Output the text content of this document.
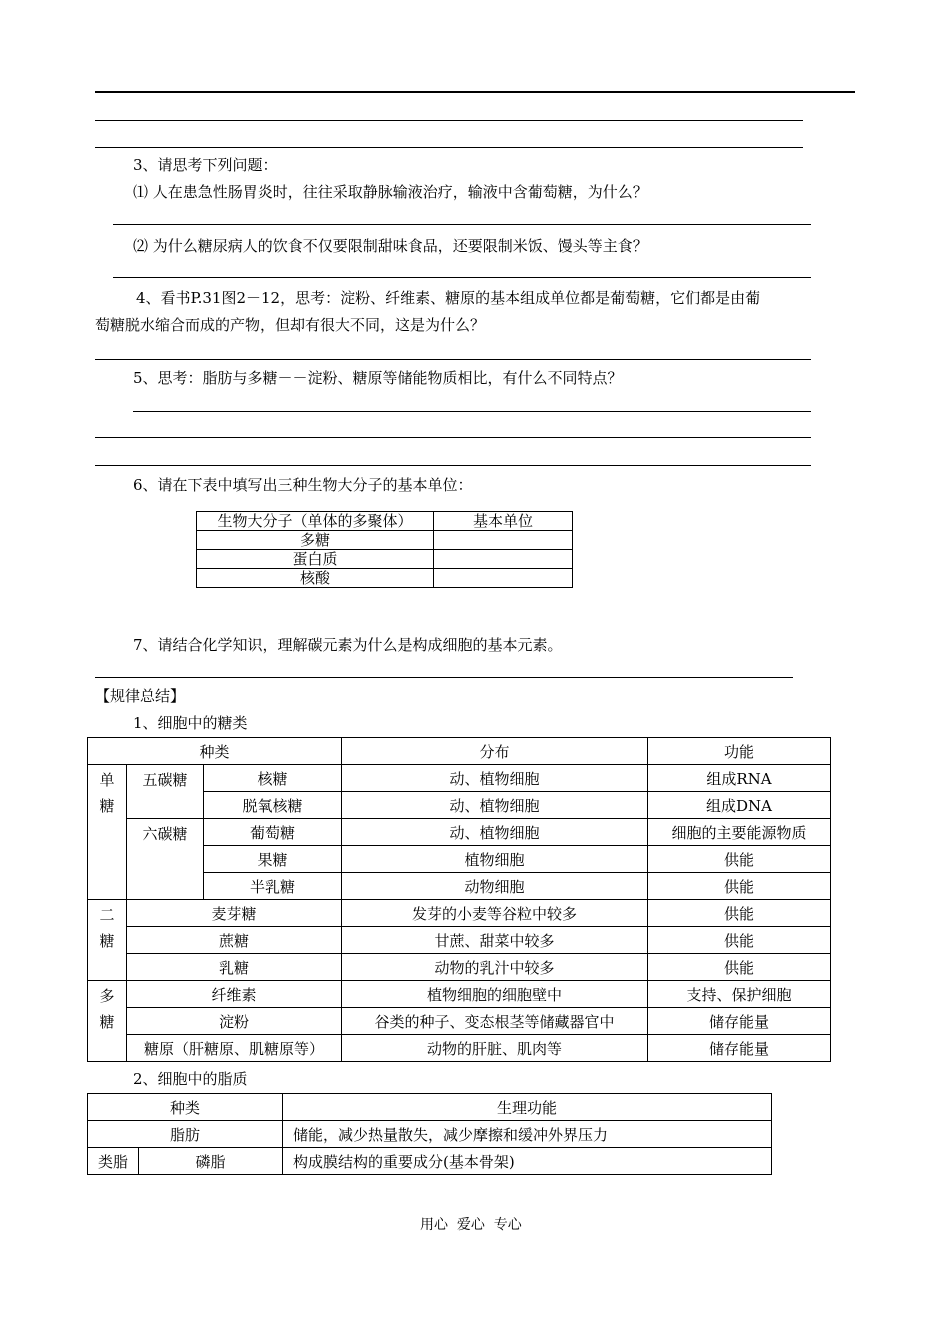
3、请思考下列问题：
⑴ 人在患急性肠胃炎时，往往采取静脉输液治疗，输液中含葡萄糖，为什么？
⑵ 为什么糖尿病人的饮食不仅要限制甜味食品，还要限制米饭、馒头等主食？
4、看书P.31图2－12，思考：淀粉、纤维素、糖原的基本组成单位都是葡萄糖，它们都是由葡
萄糖脱水缩合而成的产物，但却有很大不同，这是为什么？
5、思考：脂肪与多糖－－淀粉、糖原等储能物质相比，有什么不同特点？
6、请在下表中填写出三种生物大分子的基本单位：
生物大分子（单体的多聚体）	基本单位
多糖	
蛋白质	
核酸	
7、请结合化学知识，理解碳元素为什么是构成细胞的基本元素。
【规律总结】
1、细胞中的糖类
种类			分布	功能
单糖	五碳糖	核糖	动、植物细胞	组成RNA
		脱氧核糖	动、植物细胞	组成DNA
	六碳糖	葡萄糖	动、植物细胞	细胞的主要能源物质
		果糖	植物细胞	供能
		半乳糖	动物细胞	供能
二糖	麦芽糖		发芽的小麦等谷粒中较多	供能
	蔗糖		甘蔗、甜菜中较多	供能
	乳糖		动物的乳汁中较多	供能
多糖	纤维素		植物细胞的细胞壁中	支持、保护细胞
	淀粉		谷类的种子、变态根茎等储藏器官中	储存能量
	糖原（肝糖原、肌糖原等）		动物的肝脏、肌肉等	储存能量
2、细胞中的脂质
种类		生理功能
脂肪		储能，减少热量散失，减少摩擦和缓冲外界压力
类脂	磷脂	构成膜结构的重要成分(基本骨架)
用心  爱心  专心
